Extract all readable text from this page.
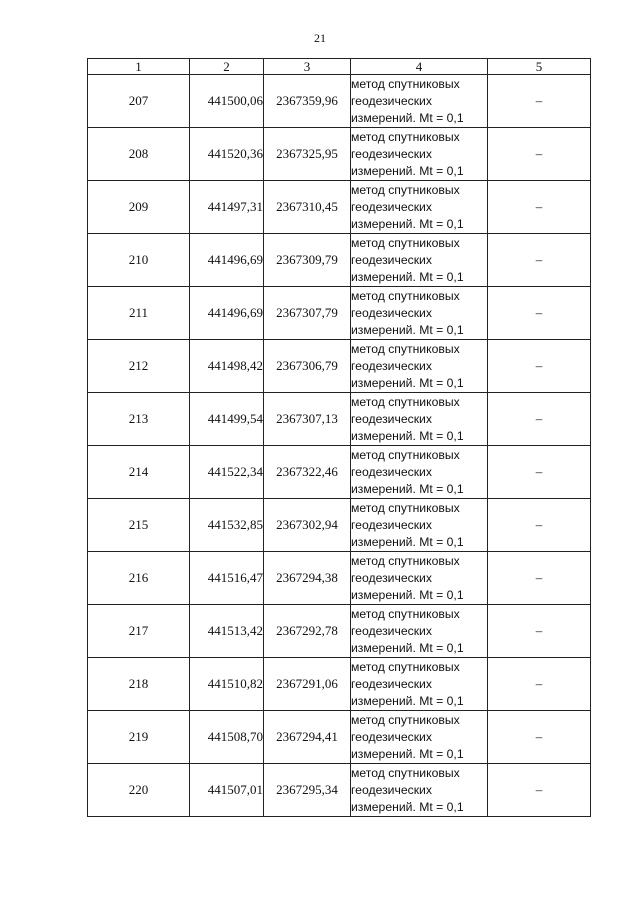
21
1	2	3	4	5
207	441500,06	2367359,96	метод спутниковых
геодезических
измерений. Mt = 0,1	–
208	441520,36	2367325,95	метод спутниковых
геодезических
измерений. Mt = 0,1	–
209	441497,31	2367310,45	метод спутниковых
геодезических
измерений. Mt = 0,1	–
210	441496,69	2367309,79	метод спутниковых
геодезических
измерений. Mt = 0,1	–
211	441496,69	2367307,79	метод спутниковых
геодезических
измерений. Mt = 0,1	–
212	441498,42	2367306,79	метод спутниковых
геодезических
измерений. Mt = 0,1	–
213	441499,54	2367307,13	метод спутниковых
геодезических
измерений. Mt = 0,1	–
214	441522,34	2367322,46	метод спутниковых
геодезических
измерений. Mt = 0,1	–
215	441532,85	2367302,94	метод спутниковых
геодезических
измерений. Mt = 0,1	–
216	441516,47	2367294,38	метод спутниковых
геодезических
измерений. Mt = 0,1	–
217	441513,42	2367292,78	метод спутниковых
геодезических
измерений. Mt = 0,1	–
218	441510,82	2367291,06	метод спутниковых
геодезических
измерений. Mt = 0,1	–
219	441508,70	2367294,41	метод спутниковых
геодезических
измерений. Mt = 0,1	–
220	441507,01	2367295,34	метод спутниковых
геодезических
измерений. Mt = 0,1	–
